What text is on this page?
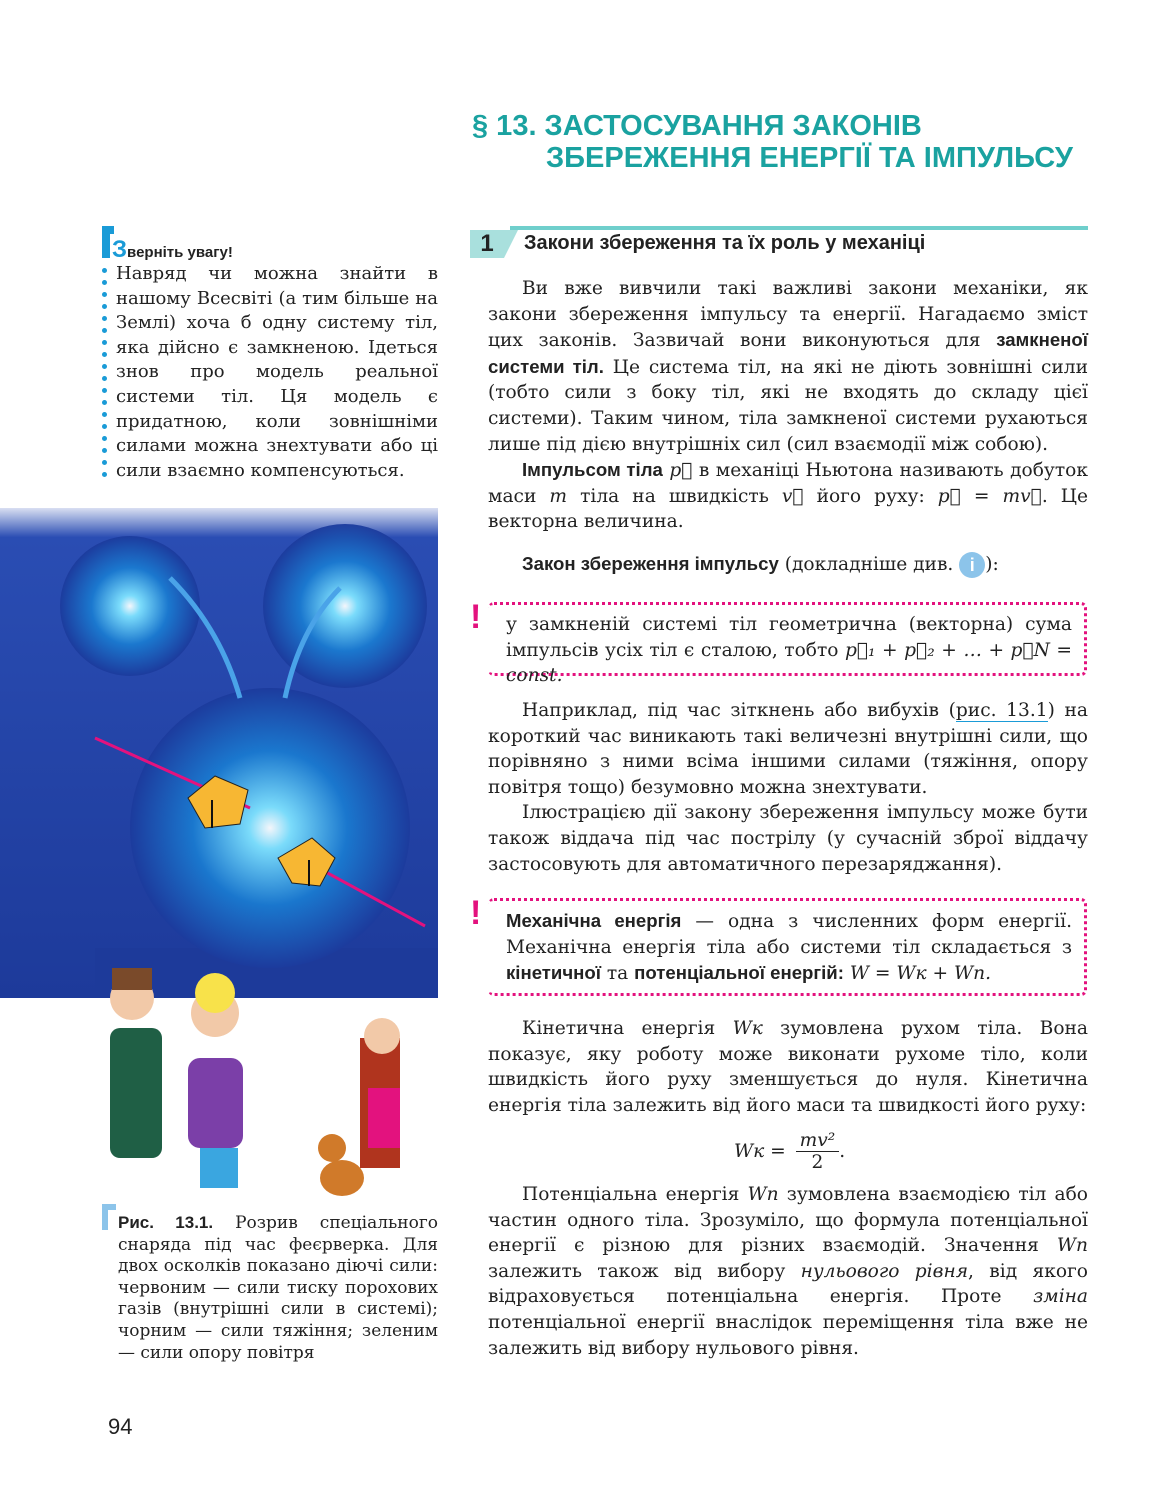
§ 13. ЗАСТОСУВАННЯ ЗАКОНІВ
ЗБЕРЕЖЕННЯ ЕНЕРГІЇ ТА ІМПУЛЬСУ
1	Закони збереження та їх роль у механіці
Зверніть увагу!
Навряд чи можна знайти в нашому Всесвіті (а тим більше на Землі) хоча б одну систему тіл, яка дійсно є замкненою. Ідеться знов про модель реальної системи тіл. Ця модель є придатною, коли зовнішніми силами можна знехтувати або ці сили взаємно компенсуються.

Ви вже вивчили такі важливі закони механіки, як закони збереження імпульсу та енергії. Нагадаємо зміст цих законів. Зазвичай вони виконуються для замкненої системи тіл. Це система тіл, на які не діють зовнішні сили (тобто сили з боку тіл, які не входять до складу цієї системи). Таким чином, тіла замкненої системи рухаються лише під дією внутрішніх сил (сил взаємодії між собою).

Імпульсом тіла p⃗ в механіці Ньютона називають добуток маси m тіла на швидкість v⃗ його руху: p⃗ = mv⃗. Це векторна величина.

Закон збереження імпульсу (докладніше див. i ):
! у замкненій системі тіл геометрична (векторна) сума імпульсів усіх тіл є сталою, тобто p⃗₁ + p⃗₂ + … + p⃗N = const.

Наприклад, під час зіткнень або вибухів (рис. 13.1) на короткий час виникають такі величезні внутрішні сили, що порівняно з ними всіма іншими силами (тяжіння, опору повітря тощо) безумовно можна знехтувати.

Ілюстрацією дії закону збереження імпульсу може бути також віддача під час пострілу (у сучасній зброї віддачу застосовують для автоматичного перезаряджання).

! Механічна енергія — одна з численних форм енергії. Механічна енергія тіла або системи тіл складається з кінетичної та потенціальної енергій: W = Wк + Wп.

Кінетична енергія Wк зумовлена рухом тіла. Вона показує, яку роботу може виконати рухоме тіло, коли швидкість його руху зменшується до нуля. Кінетична енергія тіла залежить від його маси та швидкості його руху:

Wк = $\frac{\text{mv²}}{2}$ .

Потенціальна енергія Wп зумовлена взаємодією тіл або частин одного тіла. Зрозуміло, що формула потенціальної енергії є різною для різних взаємодій. Значення Wп залежить також від вибору нульового рівня, від якого відраховується потенціальна енергія. Проте зміна потенціальної енергії внаслідок переміщення тіла вже не залежить від вибору нульового рівня.

Рис. 13.1. Розрив спеціального снаряда під час феєрверка. Для двох осколків показано діючі сили: червоним — сили тиску порохових газів (внутрішні сили в системі); чорним — сили тяжіння; зеленим — сили опору повітря
94
